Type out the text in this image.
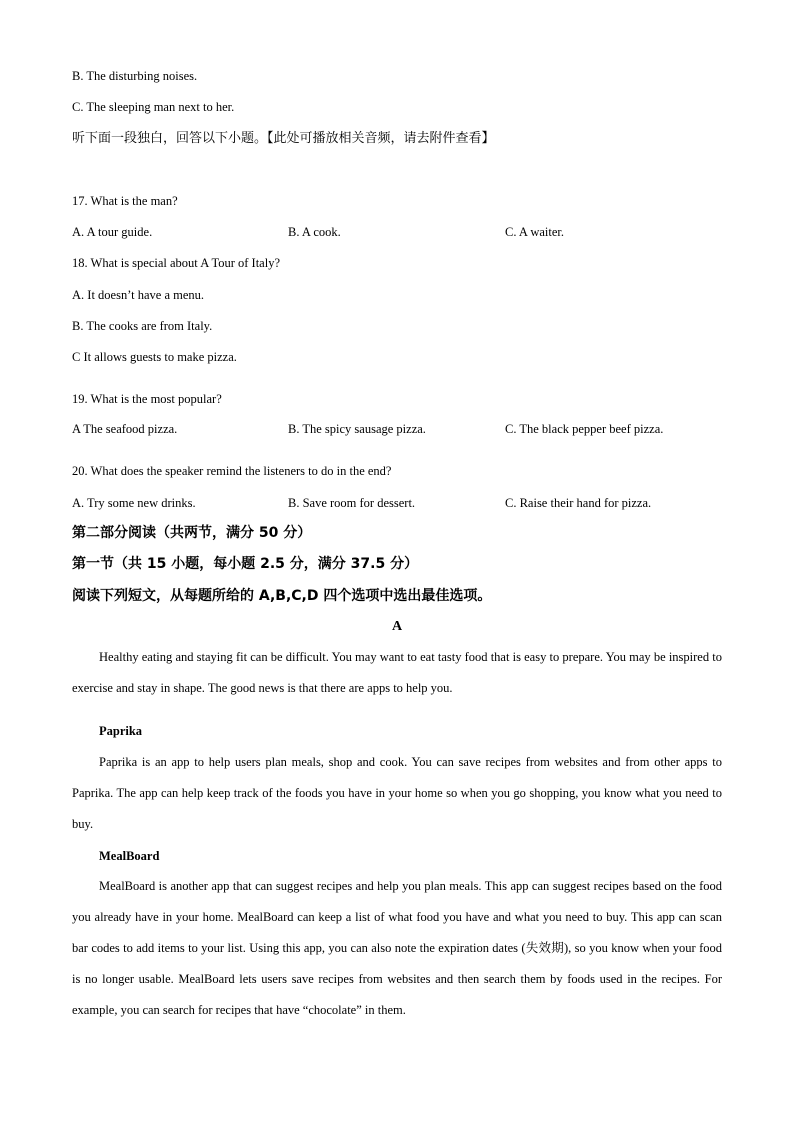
B. The disturbing noises.
C. The sleeping man next to her.
听下面一段独白，回答以下小题。【此处可播放相关音频，请去附件查看】
17. What is the man?
A. A tour guide.	B. A cook.	C. A waiter.
18. What is special about A Tour of Italy?
A. It doesn’t have a menu.
B. The cooks are from Italy.
C It allows guests to make pizza.
19. What is the most popular?
A The seafood pizza.	B. The spicy sausage pizza.	C. The black pepper beef pizza.
20. What does the speaker remind the listeners to do in the end?
A. Try some new drinks.	B. Save room for dessert.	C. Raise their hand for pizza.
第二部分阅读（共两节，满分 50 分）
第一节（共 15 小题，每小题 2.5 分，满分 37.5 分）
阅读下列短文，从每题所给的 A,B,C,D 四个选项中选出最佳选项。
A

Healthy eating and staying fit can be difficult. You may want to eat tasty food that is easy to prepare. You may be inspired to exercise and stay in shape. The good news is that there are apps to help you.

Paprika

Paprika is an app to help users plan meals, shop and cook. You can save recipes from websites and from other apps to Paprika. The app can help keep track of the foods you have in your home so when you go shopping, you know what you need to buy.

MealBoard

MealBoard is another app that can suggest recipes and help you plan meals. This app can suggest recipes based on the food you already have in your home. MealBoard can keep a list of what food you have and what you need to buy. This app can scan bar codes to add items to your list. Using this app, you can also note the expiration dates (失效期), so you know when your food is no longer usable. MealBoard lets users save recipes from websites and then search them by foods used in the recipes. For example, you can search for recipes that have “chocolate” in them.
